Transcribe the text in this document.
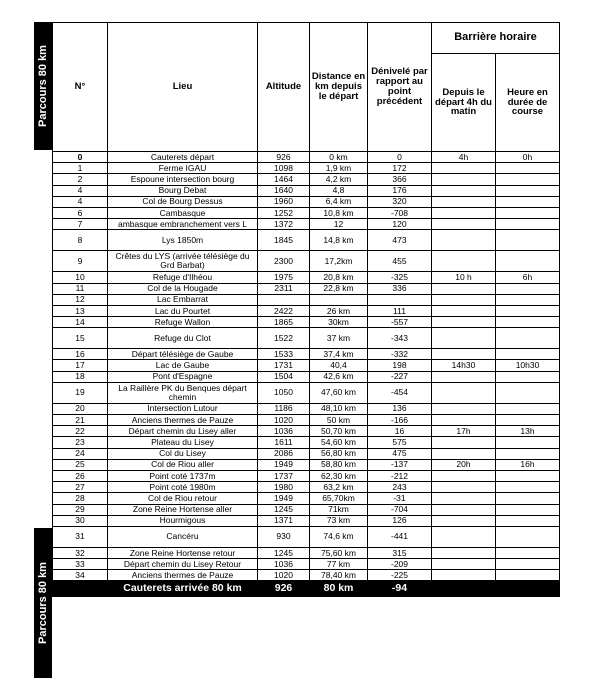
Parcours 80 km
Parcours 80 km
N°	Lieu	Altitude	Distance en km depuis le départ	Dénivelé par rapport au point précédent	Barrière horaire	
					Depuis le départ 4h du matin	Heure en durée de course
0	Cauterets départ	926	0 km	0	4h	0h
1	Ferme IGAU	1098	1,9 km	172		
2	Espoune intersection bourg	1464	4,2 km	366		
4	Bourg Debat	1640	4,8	176		
4	Col de Bourg Dessus	1960	6,4 km	320		
6	Cambasque	1252	10,8 km	-708		
7	ambasque embranchement vers L	1372	12	120		
8	Lys 1850m	1845	14,8 km	473		
9	Crêtes du LYS (arrivée télésiège du Grd Barbat)	2300	17,2km	455		
10	Refuge d'Ilhéou	1975	20,8 km	-325	10 h	6h
11	Col de la Hougade	2311	22,8 km	336		
12	Lac Embarrat					
13	Lac du Pourtet	2422	26 km	111		
14	Refuge Wallon	1865	30km	-557		
15	Refuge du Clot	1522	37 km	-343		
16	Départ télésiège de Gaube	1533	37,4 km	-332		
17	Lac de Gaube	1731	40,4	198	14h30	10h30
18	Pont d'Espagne	1504	42,6 km	-227		
19	La Raillère PK du Benques départ chemin	1050	47,60 km	-454		
20	Intersection Lutour	1186	48,10 km	136		
21	Anciens thermes de Pauze	1020	50 km	-166		
22	Départ chemin du Lisey aller	1036	50,70 km	16	17h	13h
23	Plateau du Lisey	1611	54,60 km	575		
24	Col du Lisey	2086	56,80 km	475		
25	Col de Riou aller	1949	58,80 km	-137	20h	16h
26	Point coté 1737m	1737	62,30 km	-212		
27	Point coté 1980m	1980	63,2 km	243		
28	Col de Riou retour	1949	65,70km	-31		
29	Zone Reine Hortense aller	1245	71km	-704		
30	Hourmigous	1371	73 km	126		
31	Cancéru	930	74,6 km	-441		
32	Zone Reine Hortense retour	1245	75,60 km	315		
33	Départ chemin du Lisey Retour	1036	77 km	-209		
34	Anciens thermes de Pauze	1020	78,40 km	-225		
	Cauterets arrivée 80 km	926	80 km	-94		
